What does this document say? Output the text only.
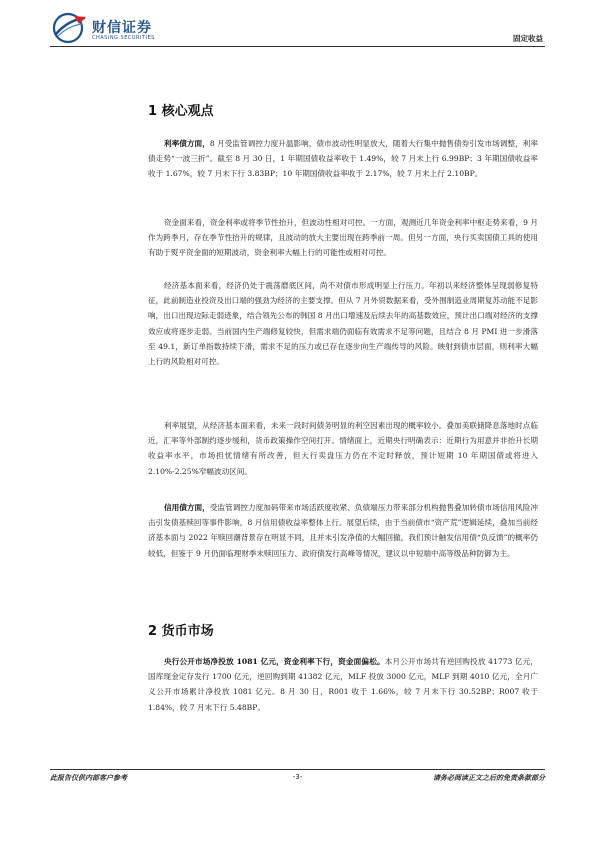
财信证券
CHASING SECURITIES	固定收益
1 核心观点

利率债方面，8 月受监管调控力度升温影响，债市波动性明显放大，随着大行集中抛售债券引发市场调整，利率债走势“一波三折”。截至 8 月 30 日，1 年期国债收益率收于 1.49%，较 7 月末上行 6.99BP；3 年期国债收益率收于 1.67%，较 7 月末下行 3.83BP；10 年期国债收益率收于 2.17%，较 7 月末上行 2.10BP。

资金面来看，资金利率或将季节性抬升，但波动性相对可控。一方面，观测近几年资金利率中枢走势来看，9 月作为跨季月，存在季节性抬升的规律，且波动的放大主要出现在跨季前一周。但另一方面，央行买卖国债工具的使用有助于熨平资金面的短期波动，资金利率大幅上行的可能性或相对可控。

经济基本面来看，经济仍处于震荡磨底区间，尚不对债市形成明显上行压力。年初以来经济整体呈现弱修复特征，此前制造业投资及出口端的强劲为经济的主要支撑。但从 7 月外贸数据来看，受外围制造业周期复苏动能不足影响，出口出现边际走弱迹象，结合领先公布的韩国 8 月出口增速及后续去年的高基数效应，预计出口端对经济的支撑效应或将逐步走弱。当前国内生产端修复较快，但需求端仍面临有效需求不足等问题，且结合 8 月 PMI 进一步滑落至 49.1，新订单指数持续下滑，需求不足的压力或已存在逐步向生产端传导的风险。映射到债市层面，则利率大幅上行的风险相对可控。

利率展望，从经济基本面来看，未来一段时间债务明显的利空因素出现的概率较小。叠加美联储降息落地时点临近，汇率等外部制约逐步缓和，货币政策操作空间打开。情绪面上，近期央行明确表示：近期行为用意并非抬升长期收益率水平，市场担忧情绪有所改善，但大行卖盘压力仍在不定时释放，预计短期 10 年期国债或将进入 2.10%-2.25%窄幅波动区间。

信用债方面，受监管调控力度加码带来市场活跃度收紧、负债端压力带来部分机构抛售叠加转债市场信用风险冲击引发债基赎回等事件影响，8 月信用债收益率整体上行。展望后续，由于当前债市“资产荒”逻辑延续，叠加当前经济基本面与 2022 年赎回潮背景存在明显不同，且并未引发净值的大幅回撤，我们预计触发信用债“负反馈”的概率仍较低，但鉴于 9 月仍面临理财季末赎回压力、政府债发行高峰等情况，建议以中短端中高等级品种防御为主。

2 货币市场

央行公开市场净投放 1081 亿元，资金利率下行，资金面偏松。本月公开市场共有逆回购投放 41773 亿元，国库现金定存发行 1700 亿元，逆回购到期 41382 亿元，MLF 投放 3000 亿元，MLF 到期 4010 亿元，全月广义公开市场累计净投放 1081 亿元。8 月 30 日，R001 收于 1.66%，较 7 月末下行 30.52BP；R007 收于 1.84%，较 7 月末下行 5.48BP。

此报告仅供内部客户参考	-3-	请务必阅读正文之后的免责条款部分
